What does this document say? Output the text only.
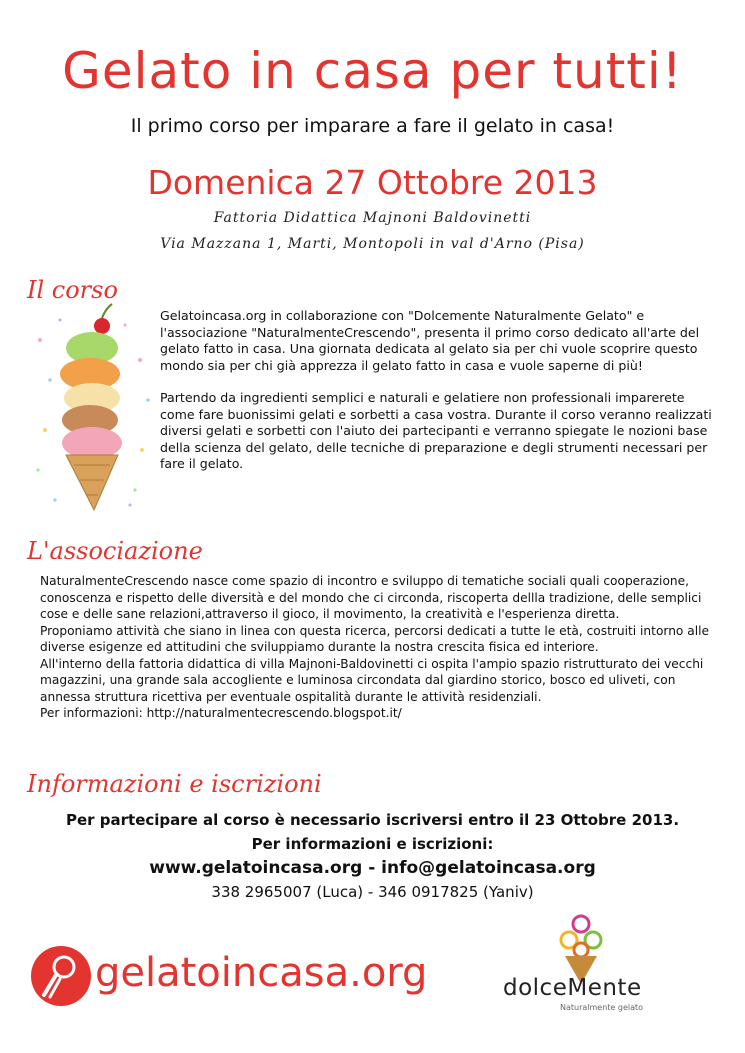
Gelato in casa per tutti!
Il primo corso per imparare a fare il gelato in casa!
Domenica 27 Ottobre 2013
Fattoria Didattica Majnoni Baldovinetti
Via Mazzana 1, Marti, Montopoli in val d'Arno (Pisa)
Il corso

Gelatoincasa.org in collaborazione con "Dolcemente Naturalmente Gelato" e l'associazione "NaturalmenteCrescendo", presenta il primo corso dedicato all'arte del gelato fatto in casa. Una giornata dedicata al gelato sia per chi vuole scoprire questo mondo sia per chi già apprezza il gelato fatto in casa e vuole saperne di più!

Partendo da ingredienti semplici e naturali e gelatiere non professionali imparerete come fare buonissimi gelati e sorbetti a casa vostra. Durante il corso veranno realizzati diversi gelati e sorbetti con l'aiuto dei partecipanti e verranno spiegate le nozioni base della scienza del gelato, delle tecniche di preparazione e degli strumenti necessari per fare il gelato.

L'associazione

NaturalmenteCrescendo nasce come spazio di incontro e sviluppo di tematiche sociali quali cooperazione, conoscenza e rispetto delle diversità e del mondo che ci circonda, riscoperta dellla tradizione, delle semplici cose e delle sane relazioni,attraverso il gioco, il movimento, la creatività e l'esperienza diretta.

Proponiamo attività che siano in linea con questa ricerca, percorsi dedicati a tutte le età, costruiti intorno alle diverse esigenze ed attitudini che sviluppiamo durante la nostra crescita fisica ed interiore.

All'interno della fattoria didattica di villa Majnoni-Baldovinetti ci ospita l'ampio spazio ristrutturato dei vecchi magazzini, una grande sala accogliente e luminosa circondata dal giardino storico, bosco ed uliveti, con annessa struttura ricettiva per eventuale ospitalità durante le attività residenziali.

Per informazioni: http://naturalmentecrescendo.blogspot.it/

Informazioni e iscrizioni
Per partecipare al corso è necessario iscriversi entro il 23 Ottobre 2013.
Per informazioni e iscrizioni:
www.gelatoincasa.org - info@gelatoincasa.org
338 2965007 (Luca) - 346 0917825 (Yaniv)
gelatoincasa.org	dolceMente
Naturalmente gelato
